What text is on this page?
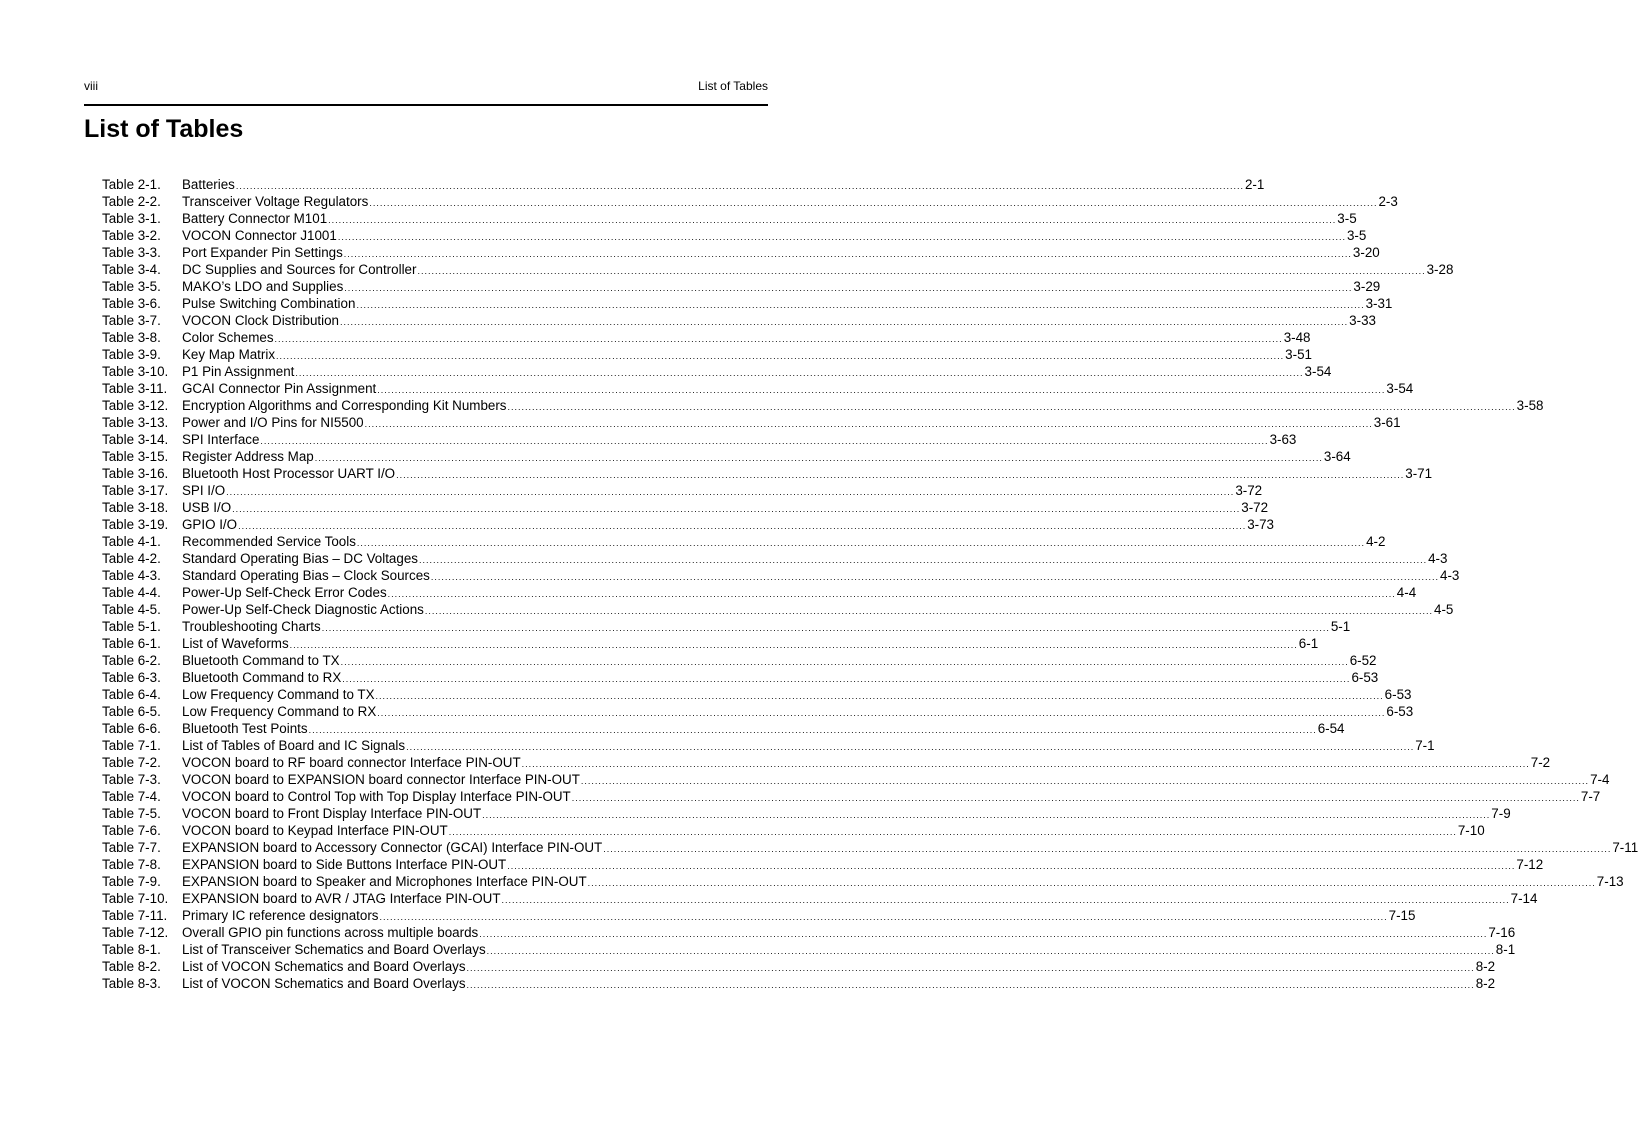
viii	List of Tables
List of Tables
Table 2-1.	Batteries .....	2-1
Table 2-2.	Transceiver Voltage Regulators .....	2-3
Table 3-1.	Battery Connector M101 .....	3-5
Table 3-2.	VOCON Connector J1001 .....	3-5
Table 3-3.	Port Expander Pin Settings .....	3-20
Table 3-4.	DC Supplies and Sources for Controller .....	3-28
Table 3-5.	MAKO’s LDO and Supplies .....	3-29
Table 3-6.	Pulse Switching Combination .....	3-31
Table 3-7.	VOCON Clock Distribution .....	3-33
Table 3-8.	Color Schemes .....	3-48
Table 3-9.	Key Map Matrix .....	3-51
Table 3-10.	P1 Pin Assignment .....	3-54
Table 3-11.	GCAI Connector Pin Assignment .....	3-54
Table 3-12.	Encryption Algorithms and Corresponding Kit Numbers .....	3-58
Table 3-13.	Power and I/O Pins for NI5500 .....	3-61
Table 3-14.	SPI Interface .....	3-63
Table 3-15.	Register Address Map .....	3-64
Table 3-16.	Bluetooth Host Processor UART I/O .....	3-71
Table 3-17.	SPI I/O .....	3-72
Table 3-18.	USB I/O .....	3-72
Table 3-19.	GPIO I/O .....	3-73
Table 4-1.	Recommended Service Tools .....	4-2
Table 4-2.	Standard Operating Bias – DC Voltages .....	4-3
Table 4-3.	Standard Operating Bias – Clock Sources .....	4-3
Table 4-4.	Power-Up Self-Check Error Codes .....	4-4
Table 4-5.	Power-Up Self-Check Diagnostic Actions .....	4-5
Table 5-1.	Troubleshooting Charts .....	5-1
Table 6-1.	List of Waveforms .....	6-1
Table 6-2.	Bluetooth Command to TX .....	6-52
Table 6-3.	Bluetooth Command to RX .....	6-53
Table 6-4.	Low Frequency Command to TX .....	6-53
Table 6-5.	Low Frequency Command to RX .....	6-53
Table 6-6.	Bluetooth Test Points .....	6-54
Table 7-1.	List of Tables of Board and IC Signals .....	7-1
Table 7-2.	VOCON board to RF board connector Interface PIN-OUT .....	7-2
Table 7-3.	VOCON board to EXPANSION board connector Interface PIN-OUT .....	7-4
Table 7-4.	VOCON board to Control Top with Top Display Interface PIN-OUT .....	7-7
Table 7-5.	VOCON board to Front Display Interface PIN-OUT .....	7-9
Table 7-6.	VOCON board to Keypad Interface PIN-OUT .....	7-10
Table 7-7.	EXPANSION board to Accessory Connector (GCAI) Interface PIN-OUT .....	7-11
Table 7-8.	EXPANSION board to Side Buttons Interface PIN-OUT .....	7-12
Table 7-9.	EXPANSION board to Speaker and Microphones Interface PIN-OUT .....	7-13
Table 7-10.	EXPANSION board to AVR / JTAG Interface PIN-OUT .....	7-14
Table 7-11.	Primary IC reference designators .....	7-15
Table 7-12.	Overall GPIO pin functions across multiple boards .....	7-16
Table 8-1.	List of Transceiver Schematics and Board Overlays .....	8-1
Table 8-2.	List of VOCON Schematics and Board Overlays .....	8-2
Table 8-3.	List of VOCON Schematics and Board Overlays .....	8-2
